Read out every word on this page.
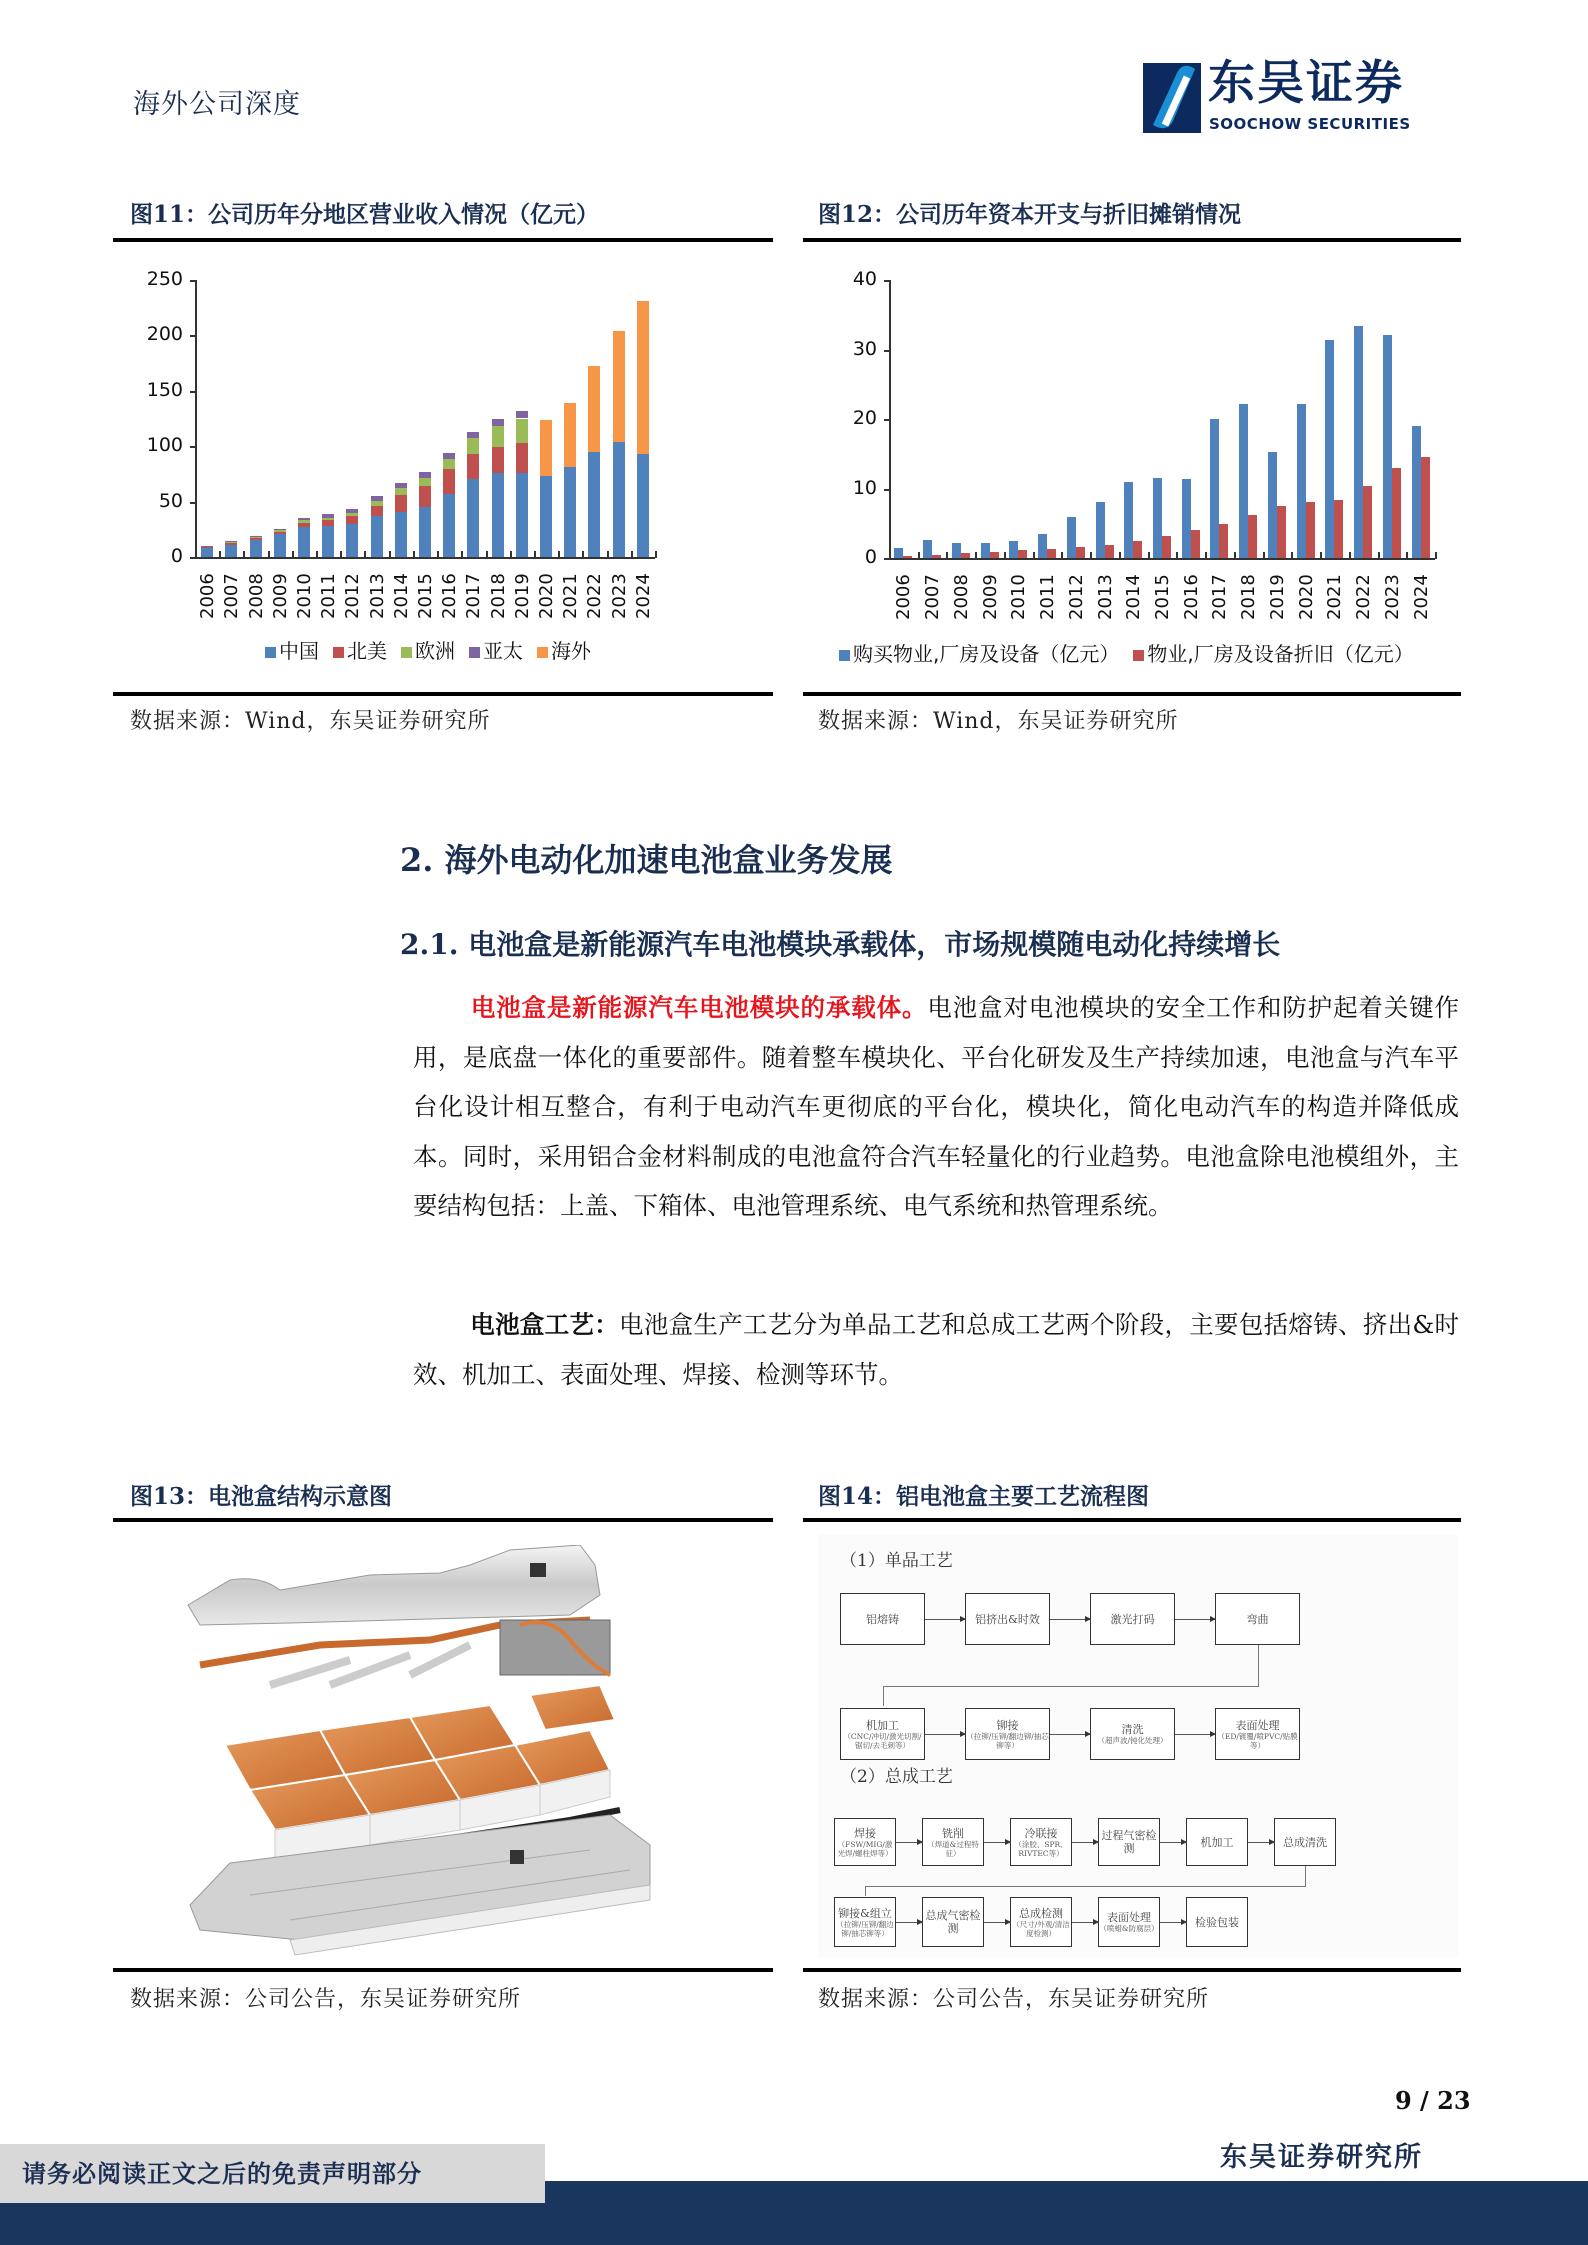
海外公司深度	东吴证券
SOOCHOW SECURITIES
图11：公司历年分地区营业收入情况（亿元）
0
50
100
150
200
250
2006 2007 2008 2009 2010 2011 2012 2013 2014 2015 2016 2017 2018 2019 2020 2021 2022 2023 2024
中国	北美	欧洲	亚太	海外
数据来源：Wind，东吴证券研究所
图12：公司历年资本开支与折旧摊销情况
0
10
20
30
40
2006 2007 2008 2009 2010 2011 2012 2013 2014 2015 2016 2017 2018 2019 2020 2021 2022 2023 2024
购买物业,厂房及设备（亿元）	物业,厂房及设备折旧（亿元）
数据来源：Wind，东吴证券研究所
2. 海外电动化加速电池盒业务发展
2.1. 电池盒是新能源汽车电池模块承载体，市场规模随电动化持续增长
电池盒是新能源汽车电池模块的承载体。电池盒对电池模块的安全工作和防护起着关键作用，是底盘一体化的重要部件。随着整车模块化、平台化研发及生产持续加速，电池盒与汽车平台化设计相互整合，有利于电动汽车更彻底的平台化，模块化，简化电动汽车的构造并降低成本。同时，采用铝合金材料制成的电池盒符合汽车轻量化的行业趋势。电池盒除电池模组外，主要结构包括：上盖、下箱体、电池管理系统、电气系统和热管理系统。
电池盒工艺：电池盒生产工艺分为单品工艺和总成工艺两个阶段，主要包括熔铸、挤出&时效、机加工、表面处理、焊接、检测等环节。
图13：电池盒结构示意图
数据来源：公司公告，东吴证券研究所
图14：铝电池盒主要工艺流程图
（1）单品工艺
（2）总成工艺
铝熔铸	铝挤出&时效	激光打码	弯曲
机加工
（CNC/冲切/激光切割/锯切/去毛刺等）
铆接
（拉铆/压铆/翻边铆/抽芯铆等）
清洗
（超声波/钝化处理）
表面处理
（ED/镀覆/喷PVC/贴膜等）
焊接
（FSW/MIG/激光焊/螺柱焊等）
铣削
（焊道&过程特征）
冷联接
（涂胶、SPR、RIVTEC等）
过程气密检测	机加工	总成清洗
铆接&组立
（拉铆/压铆/翻边铆/抽芯铆等）
总成气密检测
总成检测
（尺寸/外观/清洁度检测）
表面处理
（喷蜡&防腐层）	检验包装
数据来源：公司公告，东吴证券研究所
9 / 23
东吴证券研究所
请务必阅读正文之后的免责声明部分
